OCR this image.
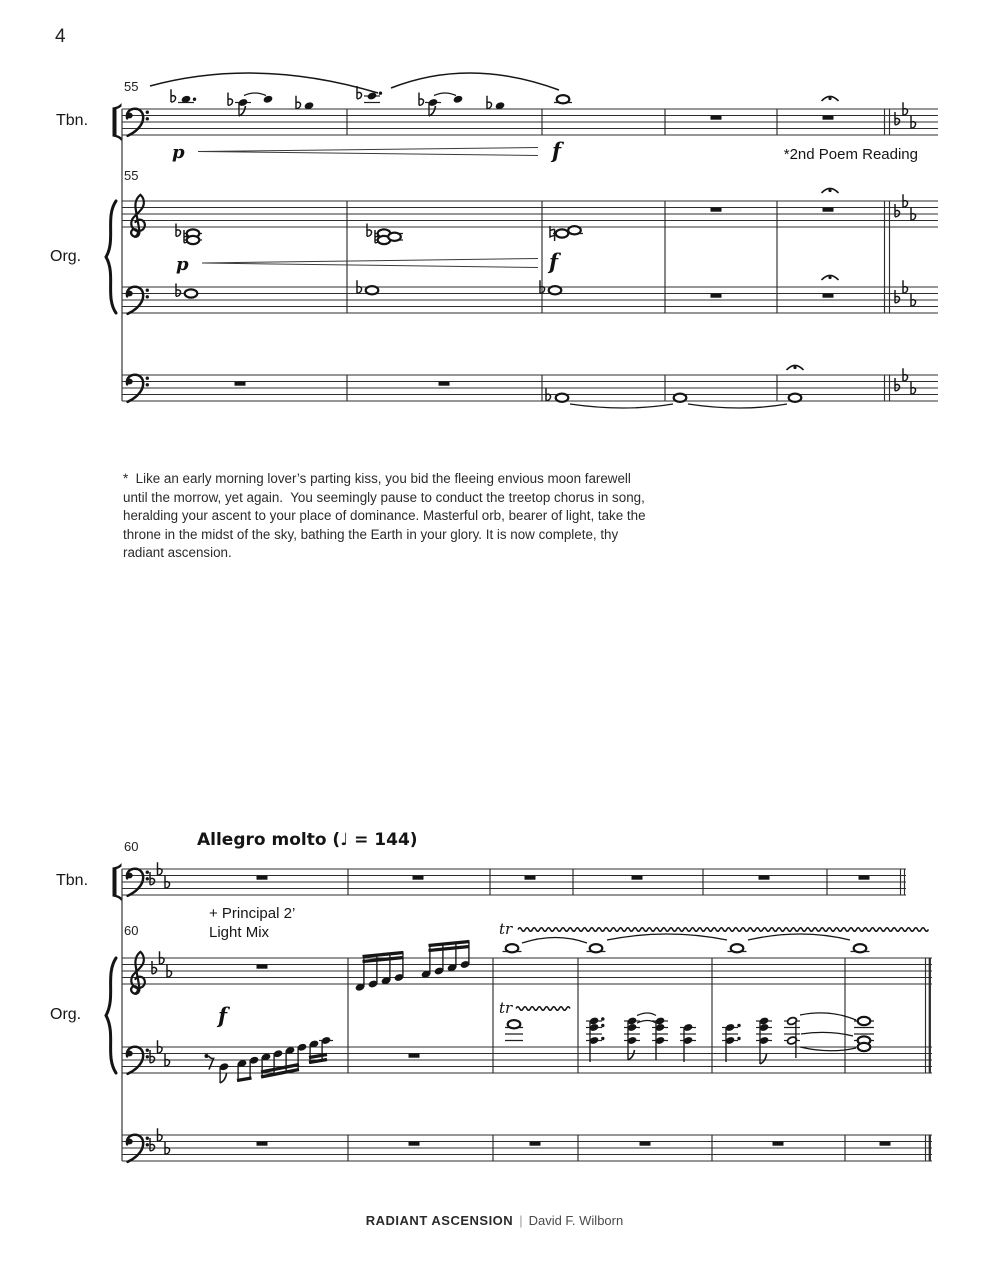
4
55
Tbn.
*2nd Poem Reading
55
Org.
*  Like an early morning lover’s parting kiss, you bid the fleeing envious moon farewell
until the morrow, yet again.  You seemingly pause to conduct the treetop chorus in song,
heralding your ascent to your place of dominance. Masterful orb, bearer of light, take the
throne in the midst of the sky, bathing the Earth in your glory. It is now complete, thy
radiant ascension.
60	Allegro molto (♩ = 144)
Tbn.
60
+ Principal 2’
Light Mix
Org.
RADIANT ASCENSION | David F. Wilborn
p	f
p	f
tr
f	tr
